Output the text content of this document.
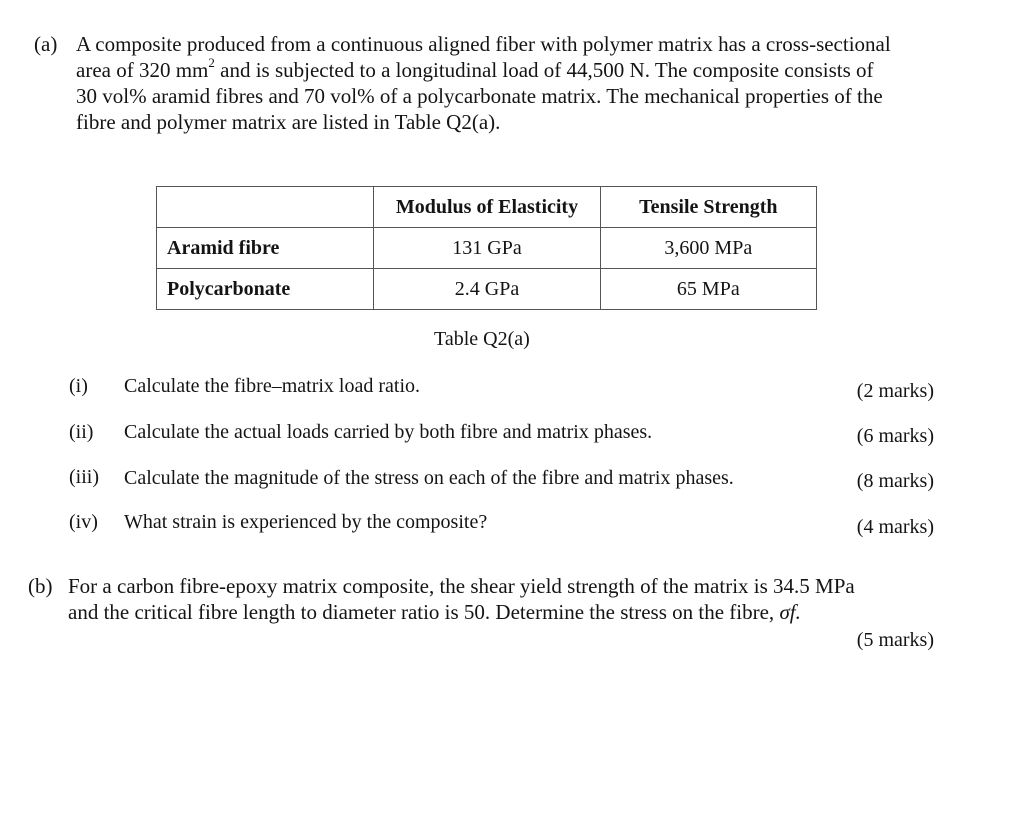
(a) A composite produced from a continuous aligned fiber with polymer matrix has a cross-sectional
area of 320 $mm^2$ and is subjected to a longitudinal load of 44,500 N. The composite consists of
30 vol% aramid fibres and 70 vol% of a polycarbonate matrix. The mechanical properties of the
fibre and polymer matrix are listed in Table Q2(a).
	Modulus of Elasticity	Tensile Strength
Aramid fibre	131 GPa	3,600 MPa
Polycarbonate	2.4 GPa	65 MPa
Table Q2(a)
(i) Calculate the fibre–matrix load ratio.	(2 marks)
(ii) Calculate the actual loads carried by both fibre and matrix phases.	(6 marks)
(iii) Calculate the magnitude of the stress on each of the fibre and matrix phases.	(8 marks)
(iv) What strain is experienced by the composite?	(4 marks)
(b) For a carbon fibre-epoxy matrix composite, the shear yield strength of the matrix is 34.5 MPa
and the critical fibre length to diameter ratio is 50. Determine the stress on the fibre, σf.
(5 marks)
